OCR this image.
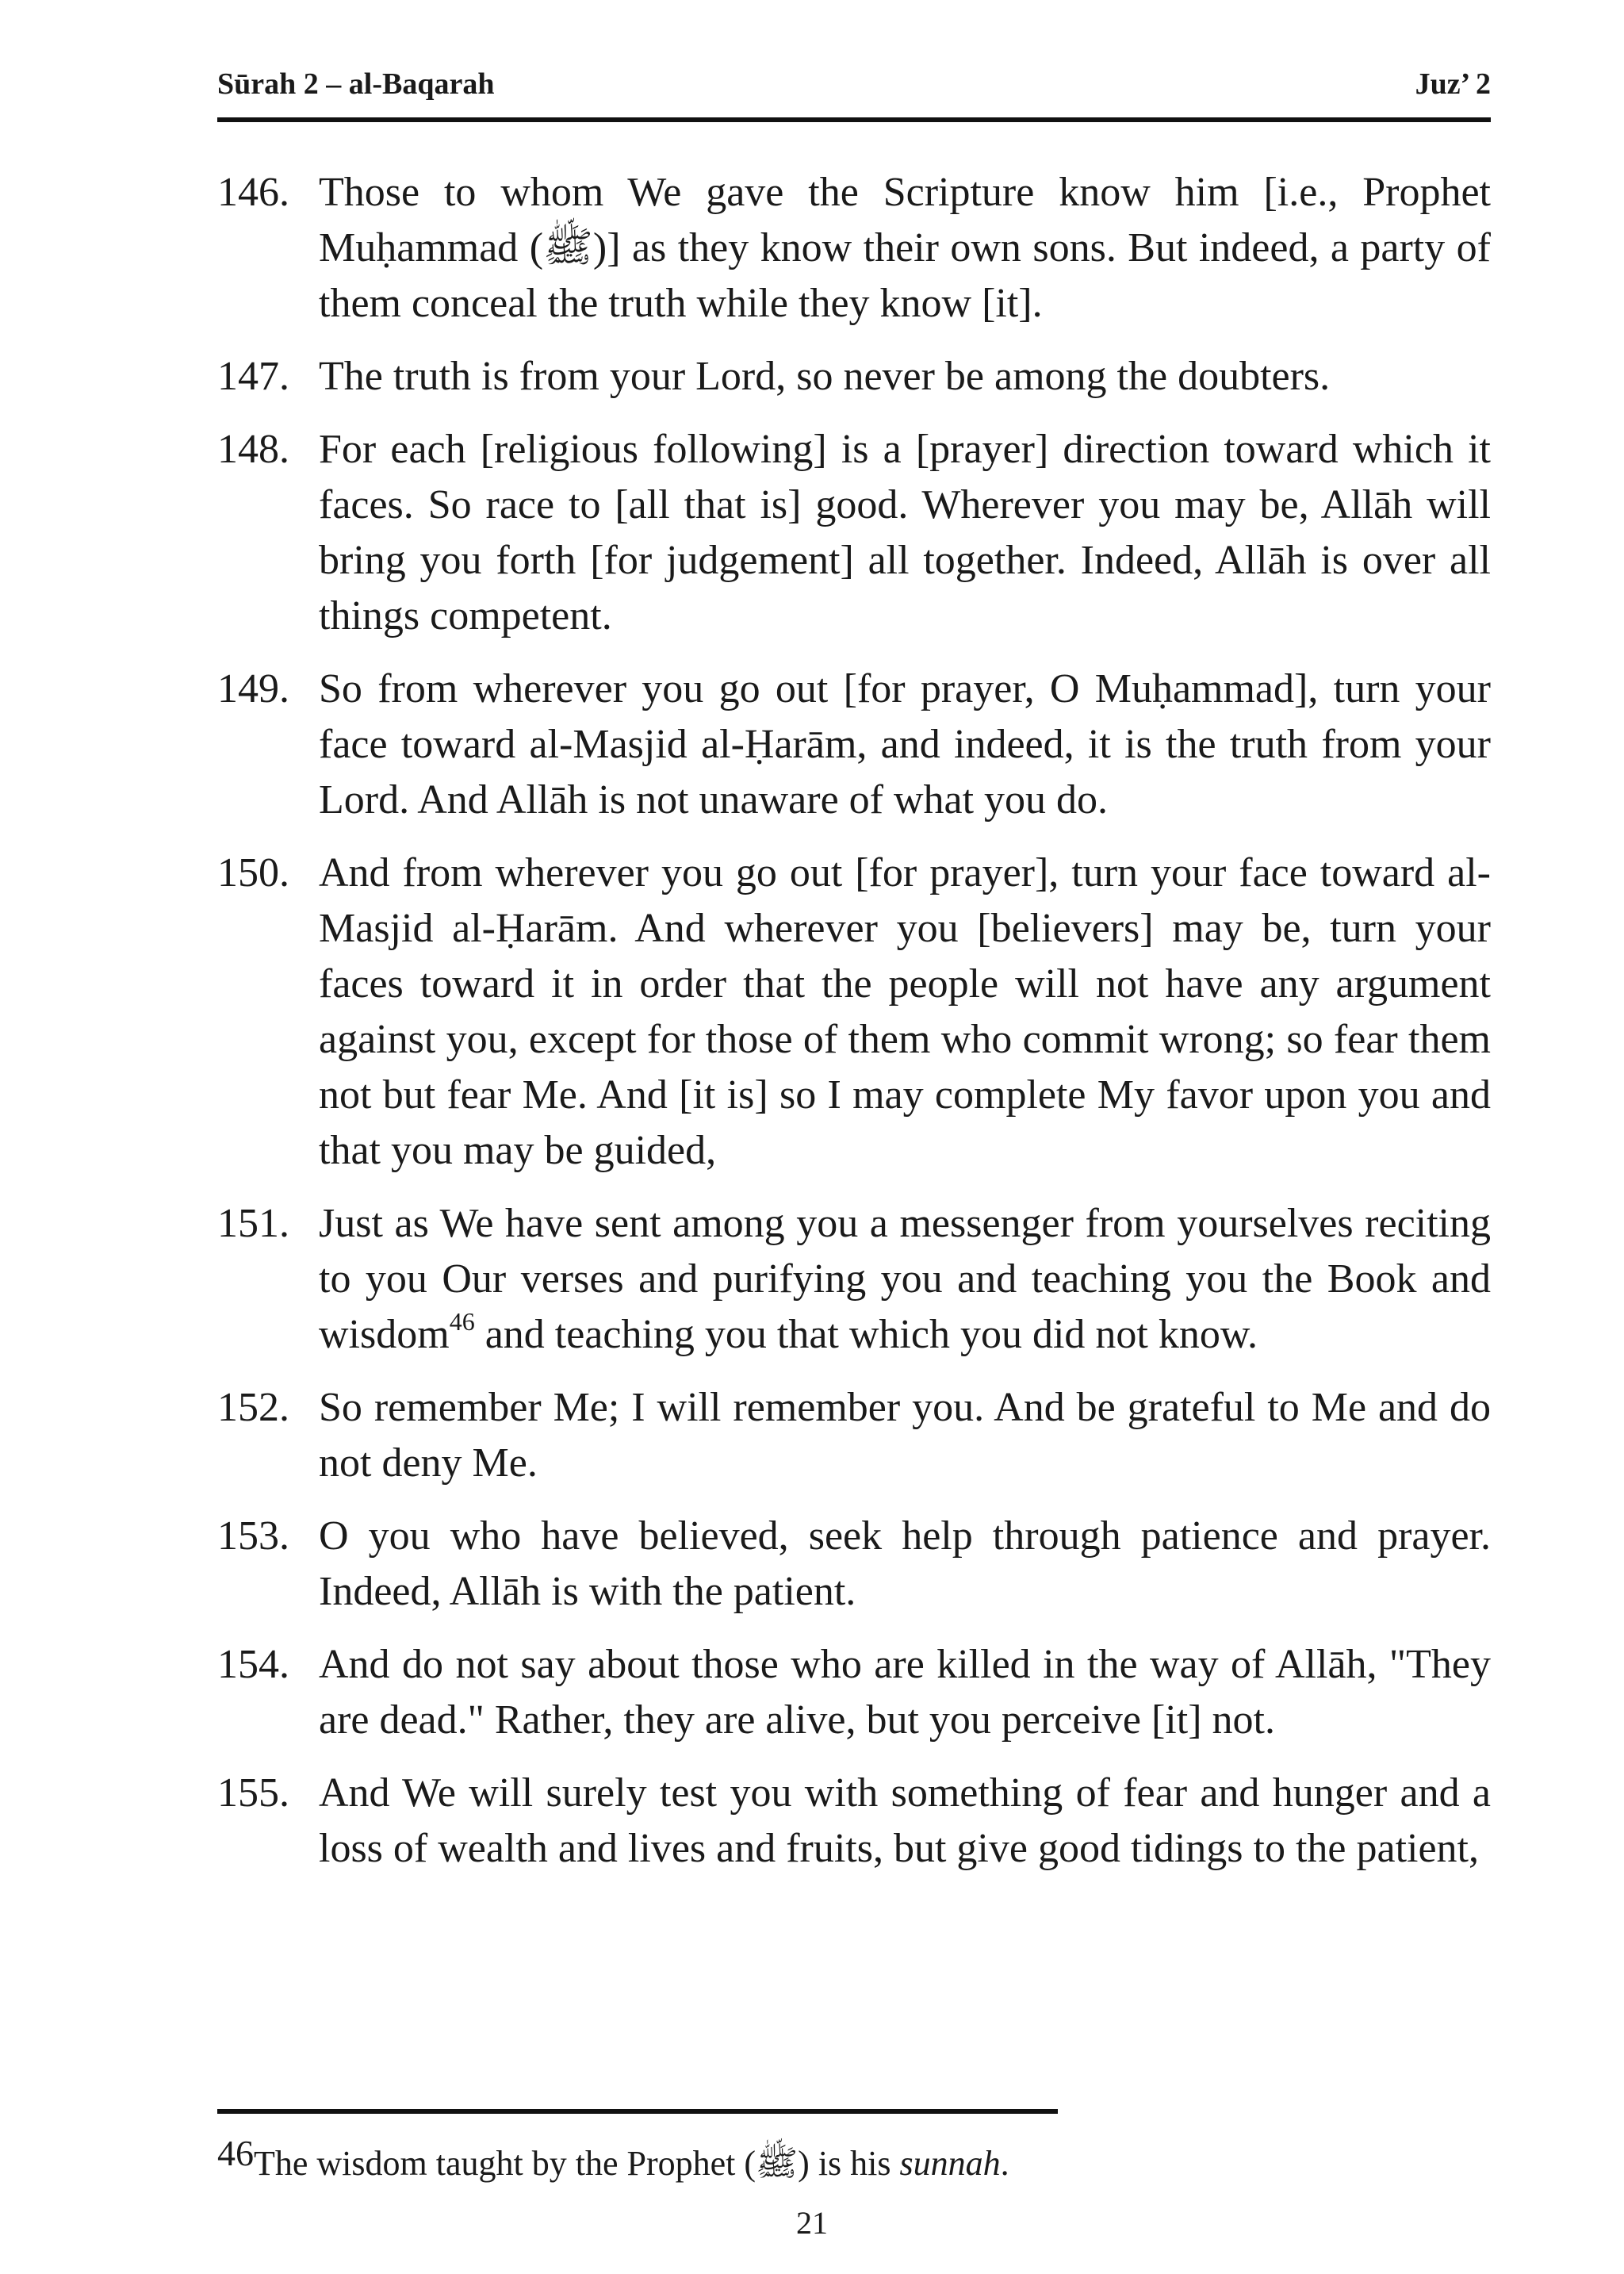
Sūrah 2 – al-Baqarah	Juz’ 2
146. Those to whom We gave the Scripture know him [i.e., Prophet Muḥammad (ﷺ)] as they know their own sons. But indeed, a party of them conceal the truth while they know [it].
147. The truth is from your Lord, so never be among the doubters.
148. For each [religious following] is a [prayer] direction toward which it faces. So race to [all that is] good. Wherever you may be, Allāh will bring you forth [for judgement] all together. Indeed, Allāh is over all things competent.
149. So from wherever you go out [for prayer, O Muḥammad], turn your face toward al-Masjid al-Ḥarām, and indeed, it is the truth from your Lord. And Allāh is not unaware of what you do.
150. And from wherever you go out [for prayer], turn your face toward al-Masjid al-Ḥarām. And wherever you [believers] may be, turn your faces toward it in order that the people will not have any argument against you, except for those of them who commit wrong; so fear them not but fear Me. And [it is] so I may complete My favor upon you and that you may be guided,
151. Just as We have sent among you a messenger from yourselves reciting to you Our verses and purifying you and teaching you the Book and wisdom$^{46}$ and teaching you that which you did not know.
152. So remember Me; I will remember you. And be grateful to Me and do not deny Me.
153. O you who have believed, seek help through patience and prayer. Indeed, Allāh is with the patient.
154. And do not say about those who are killed in the way of Allāh, "They are dead." Rather, they are alive, but you perceive [it] not.
155. And We will surely test you with something of fear and hunger and a loss of wealth and lives and fruits, but give good tidings to the patient,
46The wisdom taught by the Prophet (ﷺ) is his sunnah.
21
